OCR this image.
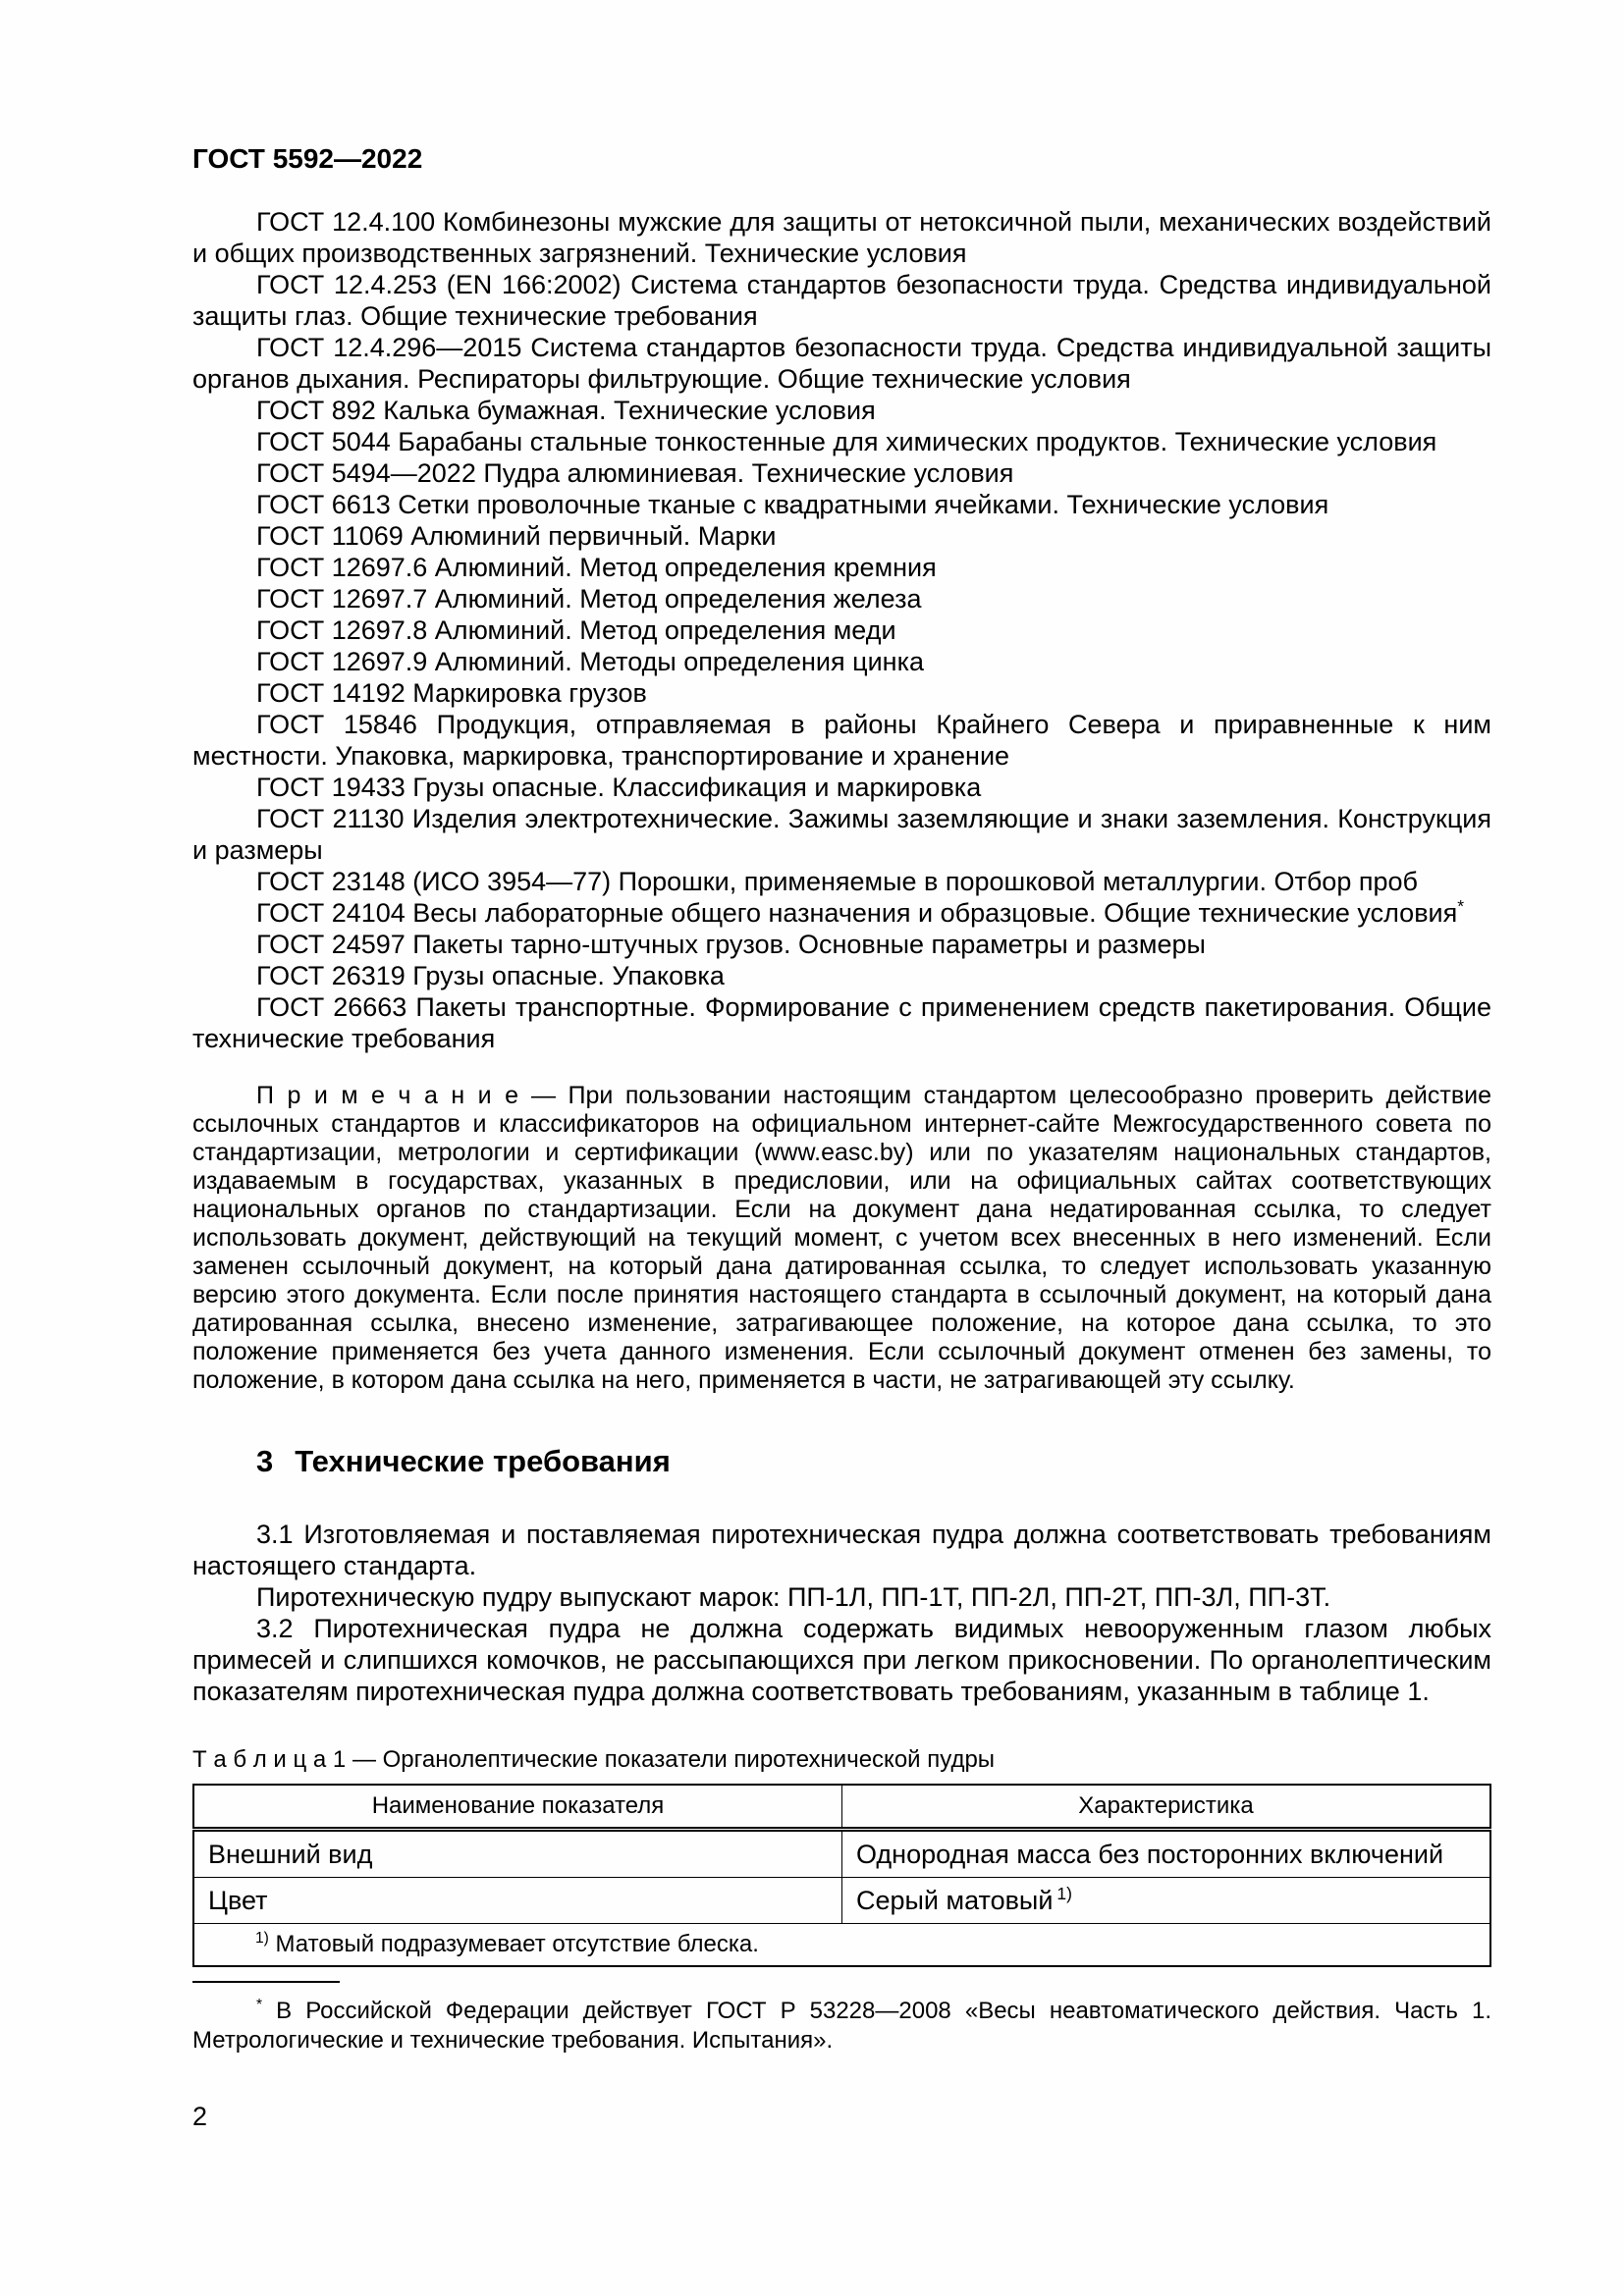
ГОСТ 5592—2022

ГОСТ 12.4.100 Комбинезоны мужские для защиты от нетоксичной пыли, механических воздействий и общих производственных загрязнений. Технические условия

ГОСТ 12.4.253 (EN 166:2002) Система стандартов безопасности труда. Средства индивидуальной защиты глаз. Общие технические требования

ГОСТ 12.4.296—2015 Система стандартов безопасности труда. Средства индивидуальной защиты органов дыхания. Респираторы фильтрующие. Общие технические условия

ГОСТ 892 Калька бумажная. Технические условия

ГОСТ 5044 Барабаны стальные тонкостенные для химических продуктов. Технические условия

ГОСТ 5494—2022 Пудра алюминиевая. Технические условия

ГОСТ 6613 Сетки проволочные тканые с квадратными ячейками. Технические условия

ГОСТ 11069 Алюминий первичный. Марки

ГОСТ 12697.6 Алюминий. Метод определения кремния

ГОСТ 12697.7 Алюминий. Метод определения железа

ГОСТ 12697.8 Алюминий. Метод определения меди

ГОСТ 12697.9 Алюминий. Методы определения цинка

ГОСТ 14192 Маркировка грузов

ГОСТ 15846 Продукция, отправляемая в районы Крайнего Севера и приравненные к ним местности. Упаковка, маркировка, транспортирование и хранение

ГОСТ 19433 Грузы опасные. Классификация и маркировка

ГОСТ 21130 Изделия электротехнические. Зажимы заземляющие и знаки заземления. Конструкция и размеры

ГОСТ 23148 (ИСО 3954—77) Порошки, применяемые в порошковой металлургии. Отбор проб

ГОСТ 24104 Весы лабораторные общего назначения и образцовые. Общие технические условия*

ГОСТ 24597 Пакеты тарно-штучных грузов. Основные параметры и размеры

ГОСТ 26319 Грузы опасные. Упаковка

ГОСТ 26663 Пакеты транспортные. Формирование с применением средств пакетирования. Общие технические требования

П р и м е ч а н и е — При пользовании настоящим стандартом целесообразно проверить действие ссылочных стандартов и классификаторов на официальном интернет-сайте Межгосударственного совета по стандартизации, метрологии и сертификации (www.easc.by) или по указателям национальных стандартов, издаваемым в государствах, указанных в предисловии, или на официальных сайтах соответствующих национальных органов по стандартизации. Если на документ дана недатированная ссылка, то следует использовать документ, действующий на текущий момент, с учетом всех внесенных в него изменений. Если заменен ссылочный документ, на который дана датированная ссылка, то следует использовать указанную версию этого документа. Если после принятия настоящего стандарта в ссылочный документ, на который дана датированная ссылка, внесено изменение, затрагивающее положение, на которое дана ссылка, то это положение применяется без учета данного изменения. Если ссылочный документ отменен без замены, то положение, в котором дана ссылка на него, применяется в части, не затрагивающей эту ссылку.

3 Технические требования

3.1 Изготовляемая и поставляемая пиротехническая пудра должна соответствовать требованиям настоящего стандарта.

Пиротехническую пудру выпускают марок: ПП-1Л, ПП-1Т, ПП-2Л, ПП-2Т, ПП-3Л, ПП-3Т.

3.2 Пиротехническая пудра не должна содержать видимых невооруженным глазом любых примесей и слипшихся комочков, не рассыпающихся при легком прикосновении. По органолептическим показателям пиротехническая пудра должна соответствовать требованиям, указанным в таблице 1.

Т а б л и ц а 1 — Органолептические показатели пиротехнической пудры

Наименование показателя	Характеристика
Внешний вид	Однородная масса без посторонних включений
Цвет	Серый матовый $^{1)}$
$^{1)}$ Матовый подразумевает отсутствие блеска.	

* В Российской Федерации действует ГОСТ Р 53228—2008 «Весы неавтоматического действия. Часть 1. Метрологические и технические требования. Испытания».

2
